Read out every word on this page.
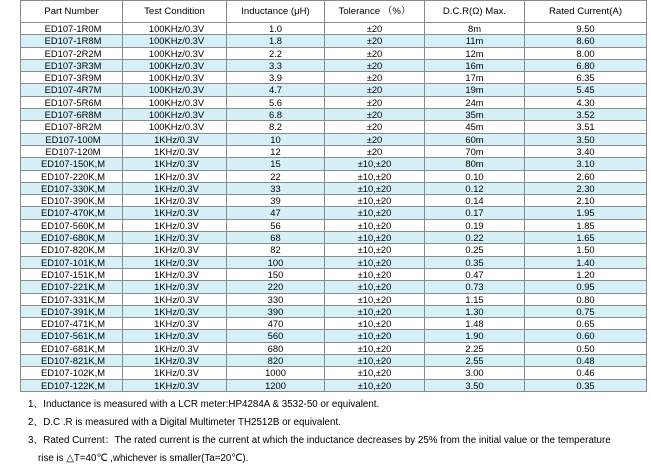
Part Number	Test Condition	Inductance (μH)	Tolerance （%）	D.C.R(Ω) Max.	Rated Current(A)
ED107-1R0M	100KHz/0.3V	1.0	±20	8m	9.50
ED107-1R8M	100KHz/0.3V	1.8	±20	11m	8.60
ED107-2R2M	100KHz/0.3V	2.2	±20	12m	8.00
ED107-3R3M	100KHz/0.3V	3.3	±20	16m	6.80
ED107-3R9M	100KHz/0.3V	3.9	±20	17m	6.35
ED107-4R7M	100KHz/0.3V	4.7	±20	19m	5.45
ED107-5R6M	100KHz/0.3V	5.6	±20	24m	4.30
ED107-6R8M	100KHz/0.3V	6.8	±20	35m	3.52
ED107-8R2M	100KHz/0.3V	8.2	±20	45m	3.51
ED107-100M	1KHz/0.3V	10	±20	60m	3.50
ED107-120M	1KHz/0.3V	12	±20	70m	3.40
ED107-150K,M	1KHz/0.3V	15	±10,±20	80m	3.10
ED107-220K,M	1KHz/0.3V	22	±10,±20	0.10	2.60
ED107-330K,M	1KHz/0.3V	33	±10,±20	0.12	2.30
ED107-390K,M	1KHz/0.3V	39	±10,±20	0.14	2.10
ED107-470K,M	1KHz/0.3V	47	±10,±20	0.17	1.95
ED107-560K,M	1KHz/0.3V	56	±10,±20	0.19	1.85
ED107-680K,M	1KHz/0.3V	68	±10,±20	0.22	1.65
ED107-820K,M	1KHz/0.3V	82	±10,±20	0.25	1.50
ED107-101K,M	1KHz/0.3V	100	±10,±20	0.35	1.40
ED107-151K,M	1KHz/0.3V	150	±10,±20	0.47	1.20
ED107-221K,M	1KHz/0.3V	220	±10,±20	0.73	0.95
ED107-331K,M	1KHz/0.3V	330	±10,±20	1.15	0.80
ED107-391K,M	1KHz/0.3V	390	±10,±20	1.30	0.75
ED107-471K,M	1KHz/0.3V	470	±10,±20	1.48	0.65
ED107-561K,M	1KHz/0.3V	560	±10,±20	1.90	0.60
ED107-681K,M	1KHz/0.3V	680	±10,±20	2.25	0.50
ED107-821K,M	1KHz/0.3V	820	±10,±20	2.55	0.48
ED107-102K,M	1KHz/0.3V	1000	±10,±20	3.00	0.46
ED107-122K,M	1KHz/0.3V	1200	±10,±20	3.50	0.35

1、Inductance is measured with a LCR meter:HP4284A & 3532-50 or equivalent.

2、D.C .R is measured with a Digital Multimeter TH2512B or equivalent.

3、Rated Current：The rated current is the current at which the inductance decreases by 25% from the initial value or the temperature

rise is △T=40℃ ,whichever is smaller(Ta=20℃).
